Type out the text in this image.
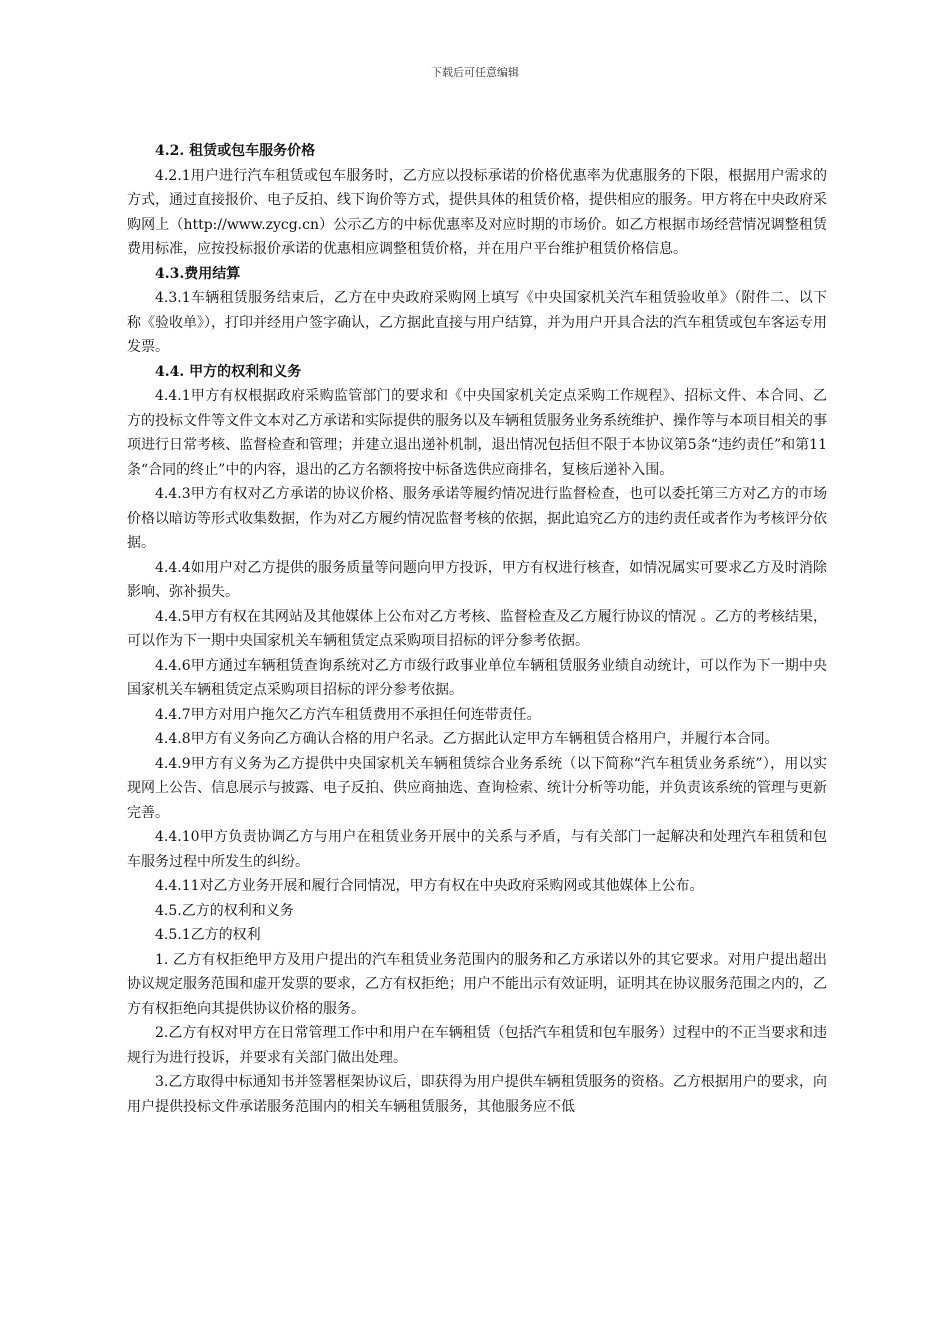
下载后可任意编辑

4.2. 租赁或包车服务价格

4.2.1用户进行汽车租赁或包车服务时，乙方应以投标承诺的价格优惠率为优惠服务的下限，根据用户需求的方式，通过直接报价、电子反拍、线下询价等方式，提供具体的租赁价格，提供相应的服务。甲方将在中央政府采购网上（http://www.zycg.cn）公示乙方的中标优惠率及对应时期的市场价。如乙方根据市场经营情况调整租赁费用标准，应按投标报价承诺的优惠相应调整租赁价格，并在用户平台维护租赁价格信息。

4.3.费用结算

4.3.1车辆租赁服务结束后，乙方在中央政府采购网上填写《中央国家机关汽车租赁验收单》（附件二、以下称《验收单》），打印并经用户签字确认，乙方据此直接与用户结算，并为用户开具合法的汽车租赁或包车客运专用发票。

4.4. 甲方的权利和义务

4.4.1甲方有权根据政府采购监管部门的要求和《中央国家机关定点采购工作规程》、招标文件、本合同、乙方的投标文件等文件文本对乙方承诺和实际提供的服务以及车辆租赁服务业务系统维护、操作等与本项目相关的事项进行日常考核、监督检查和管理；并建立退出递补机制，退出情况包括但不限于本协议第5条“违约责任”和第11条“合同的终止”中的内容，退出的乙方名额将按中标备选供应商排名，复核后递补入围。

4.4.3甲方有权对乙方承诺的协议价格、服务承诺等履约情况进行监督检查，也可以委托第三方对乙方的市场价格以暗访等形式收集数据，作为对乙方履约情况监督考核的依据，据此追究乙方的违约责任或者作为考核评分依据。

4.4.4如用户对乙方提供的服务质量等问题向甲方投诉，甲方有权进行核查，如情况属实可要求乙方及时消除影响、弥补损失。

4.4.5甲方有权在其网站及其他媒体上公布对乙方考核、监督检查及乙方履行协议的情况 。乙方的考核结果，可以作为下一期中央国家机关车辆租赁定点采购项目招标的评分参考依据。

4.4.6甲方通过车辆租赁查询系统对乙方市级行政事业单位车辆租赁服务业绩自动统计，可以作为下一期中央国家机关车辆租赁定点采购项目招标的评分参考依据。

4.4.7甲方对用户拖欠乙方汽车租赁费用不承担任何连带责任。

4.4.8甲方有义务向乙方确认合格的用户名录。乙方据此认定甲方车辆租赁合格用户，并履行本合同。

4.4.9甲方有义务为乙方提供中央国家机关车辆租赁综合业务系统（以下简称“汽车租赁业务系统”），用以实现网上公告、信息展示与披露、电子反拍、供应商抽选、查询检索、统计分析等功能，并负责该系统的管理与更新完善。

4.4.10甲方负责协调乙方与用户在租赁业务开展中的关系与矛盾，与有关部门一起解决和处理汽车租赁和包车服务过程中所发生的纠纷。

4.4.11对乙方业务开展和履行合同情况，甲方有权在中央政府采购网或其他媒体上公布。

4.5.乙方的权利和义务

4.5.1乙方的权利

1. 乙方有权拒绝甲方及用户提出的汽车租赁业务范围内的服务和乙方承诺以外的其它要求。对用户提出超出协议规定服务范围和虚开发票的要求，乙方有权拒绝；用户不能出示有效证明，证明其在协议服务范围之内的，乙方有权拒绝向其提供协议价格的服务。

2.乙方有权对甲方在日常管理工作中和用户在车辆租赁（包括汽车租赁和包车服务）过程中的不正当要求和违规行为进行投诉，并要求有关部门做出处理。

3.乙方取得中标通知书并签署框架协议后，即获得为用户提供车辆租赁服务的资格。乙方根据用户的要求，向用户提供投标文件承诺服务范围内的相关车辆租赁服务，其他服务应不低
